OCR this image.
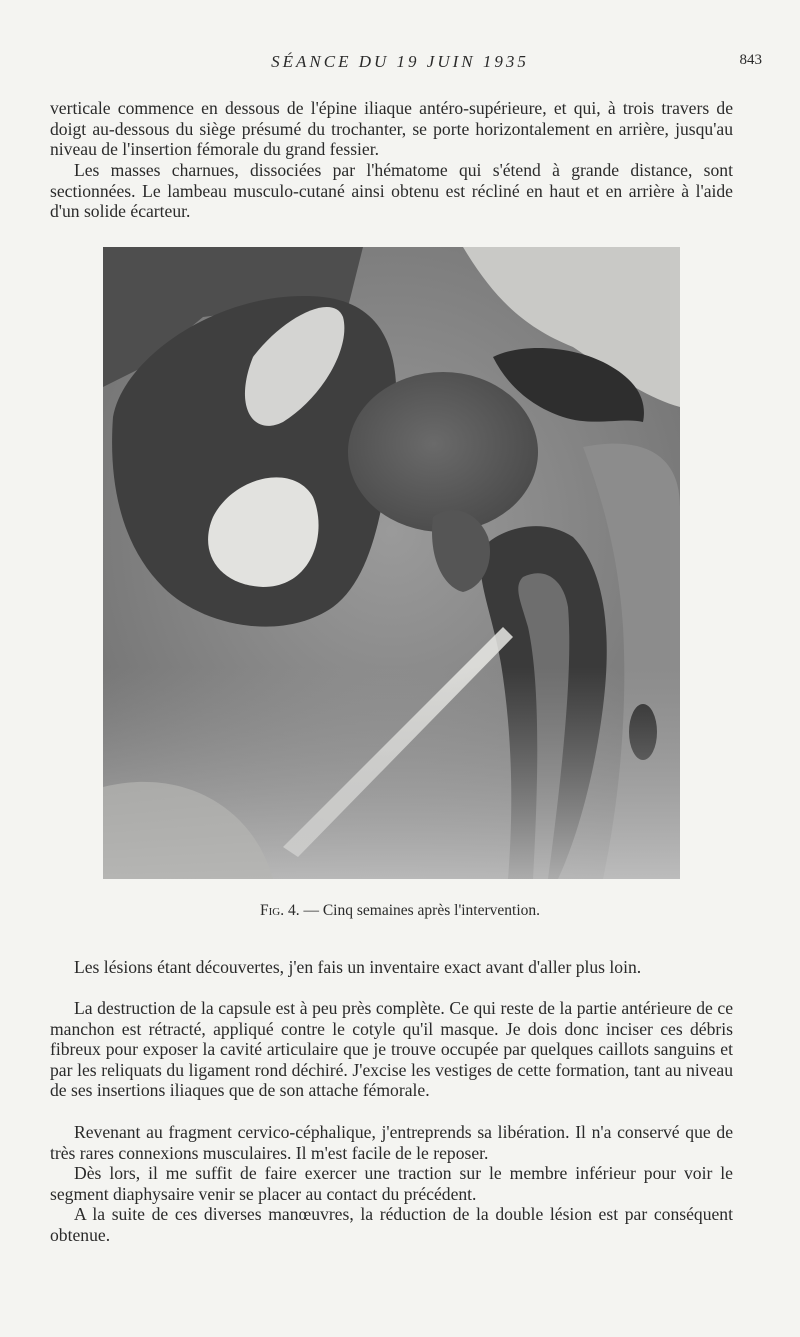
SÉANCE DU 19 JUIN 1935	843

verticale commence en dessous de l'épine iliaque antéro-supérieure, et qui, à trois travers de doigt au-dessous du siège présumé du trochanter, se porte horizontalement en arrière, jusqu'au niveau de l'insertion fémorale du grand fessier.

Les masses charnues, dissociées par l'hématome qui s'étend à grande distance, sont sectionnées. Le lambeau musculo-cutané ainsi obtenu est récliné en haut et en arrière à l'aide d'un solide écarteur.

Fig. 4. — Cinq semaines après l'intervention.

Les lésions étant découvertes, j'en fais un inventaire exact avant d'aller plus loin.

La destruction de la capsule est à peu près complète. Ce qui reste de la partie antérieure de ce manchon est rétracté, appliqué contre le cotyle qu'il masque. Je dois donc inciser ces débris fibreux pour exposer la cavité articulaire que je trouve occupée par quelques caillots sanguins et par les reliquats du ligament rond déchiré. J'excise les vestiges de cette formation, tant au niveau de ses insertions iliaques que de son attache fémorale.

Revenant au fragment cervico-céphalique, j'entreprends sa libération. Il n'a conservé que de très rares connexions musculaires. Il m'est facile de le reposer.

Dès lors, il me suffit de faire exercer une traction sur le membre inférieur pour voir le segment diaphysaire venir se placer au contact du précédent.

A la suite de ces diverses manœuvres, la réduction de la double lésion est par conséquent obtenue.
